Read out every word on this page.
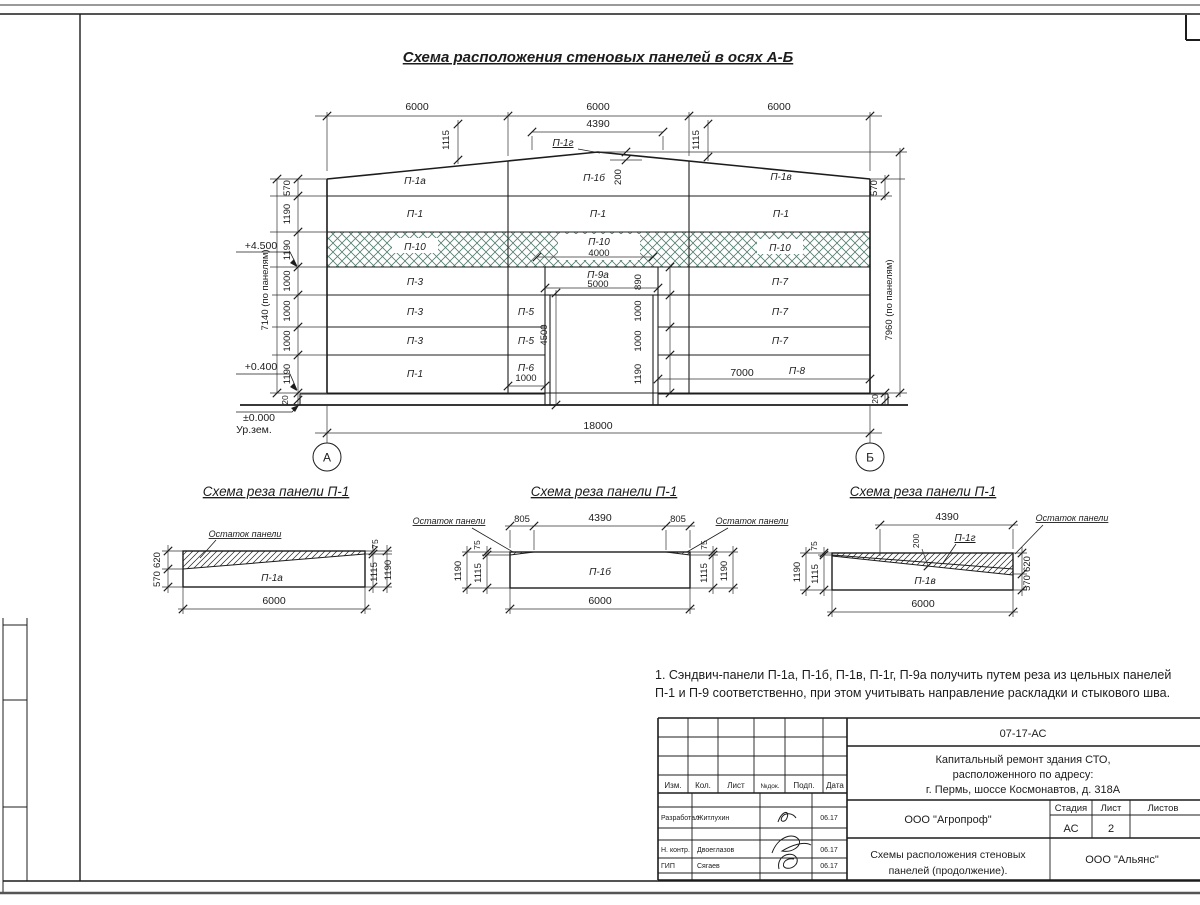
Схема расположения стеновых панелей в осях А-Б
6000	6000	6000
4390
1115	1115
200
П-1г
П-1а	П-1б	П-1в
П-1	П-1	П-1
П-10	П-10
П-10
4000
П-9а
5000
П-3
П-3
П-3
П-1
П-5
П-5
П-6
1000
П-7
П-7
П-7
П-8
7000
4500
890
1000
1000
1190
570
1190
1190
1000
1000
1000
1190
20
7140 (по панелям)
570
7960 (по панелям)
20
+4.500
+0.400
±0.000
Ур.зем.	18000
А	Б
Схема реза панели П-1
Остаток панели
П-1а
620
570
75
1115 1190
6000
Схема реза панели П-1
805	4390	805
Остаток панели	Остаток панели
П-1б
75
1115
1190
75
1115 1190
6000
Схема реза панели П-1
4390	Остаток панели
П-1г
200
П-1в
75
1115
1190	620
570
6000
1. Сэндвич-панели П-1а, П-1б, П-1в, П-1г, П-9а получить путем реза из цельных панелей
П-1 и П-9 соответственно, при этом учитывать направление раскладки и стыкового шва.
07-17-АС
Капитальный ремонт здания СТО,
расположенного по адресу:
г. Пермь, шоссе Космонавтов, д. 318А
Изм. Кол. Лист №док. Подп. Дата
Разработал
Житлухин	06.17
Н. контр. Двоеглазов	06.17
ГИП	Сягаев	06.17
ООО "Агропроф"
Стадия Лист	Листов
АС	2
Схемы расположения стеновых
панелей (продолжение).
ООО "Альянс"
